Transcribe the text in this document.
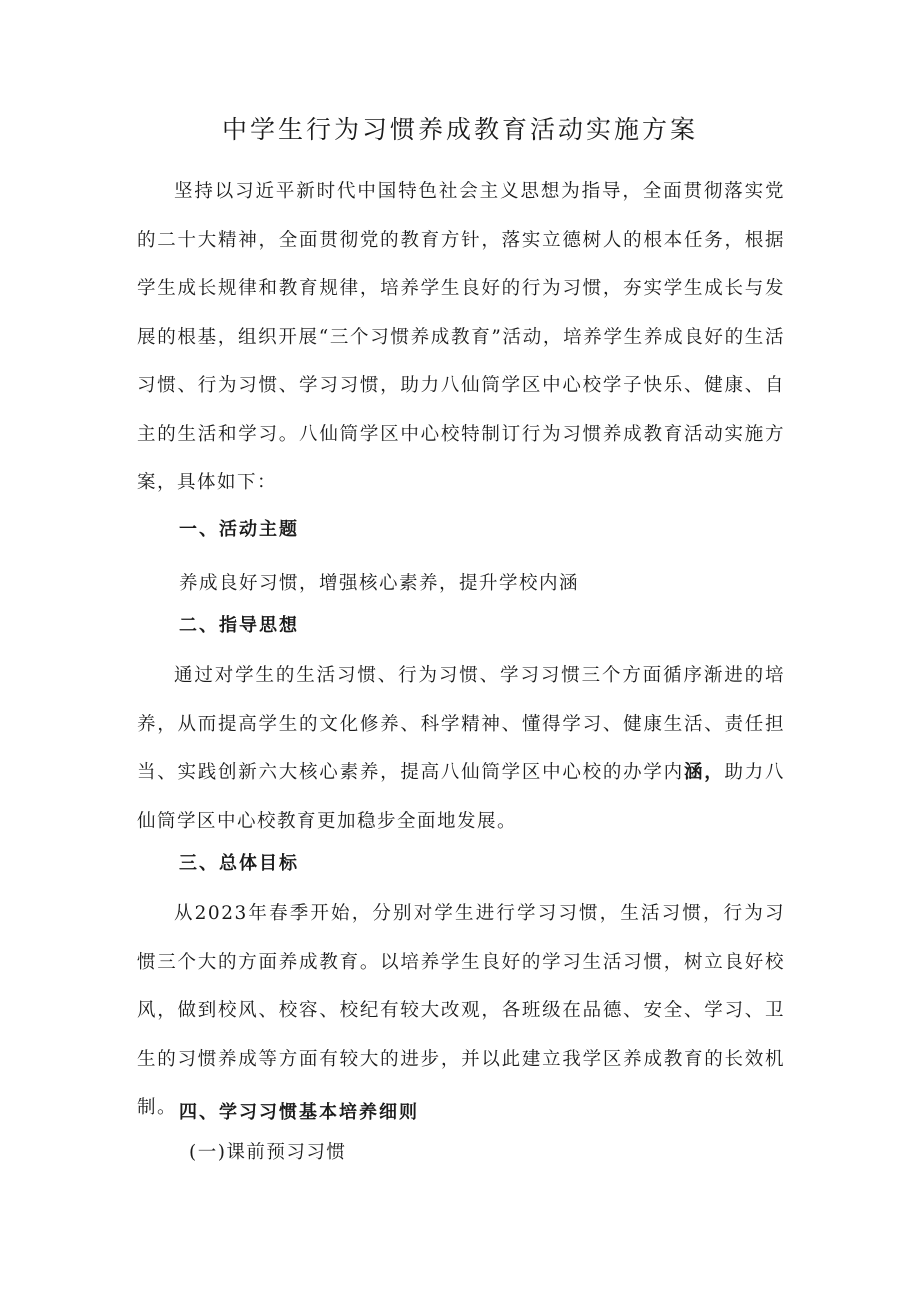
中学生行为习惯养成教育活动实施方案

坚持以习近平新时代中国特色社会主义思想为指导，全面贯彻落实党的二十大精神，全面贯彻党的教育方针，落实立德树人的根本任务，根据学生成长规律和教育规律，培养学生良好的行为习惯，夯实学生成长与发展的根基，组织开展“三个习惯养成教育”活动，培养学生养成良好的生活习惯、行为习惯、学习习惯，助力八仙筒学区中心校学子快乐、健康、自主的生活和学习。八仙筒学区中心校特制订行为习惯养成教育活动实施方案，具体如下：

一、活动主题

养成良好习惯，增强核心素养，提升学校内涵

二、指导思想

通过对学生的生活习惯、行为习惯、学习习惯三个方面循序渐进的培养，从而提高学生的文化修养、科学精神、懂得学习、健康生活、责任担当、实践创新六大核心素养，提高八仙筒学区中心校的办学内涵，助力八仙筒学区中心校教育更加稳步全面地发展。

三、总体目标

从2023年春季开始，分别对学生进行学习习惯，生活习惯，行为习惯三个大的方面养成教育。以培养学生良好的学习生活习惯，树立良好校风，做到校风、校容、校纪有较大改观，各班级在品德、安全、学习、卫生的习惯养成等方面有较大的进步，并以此建立我学区养成教育的长效机制。 四、学习习惯基本培养细则

(一)课前预习习惯
